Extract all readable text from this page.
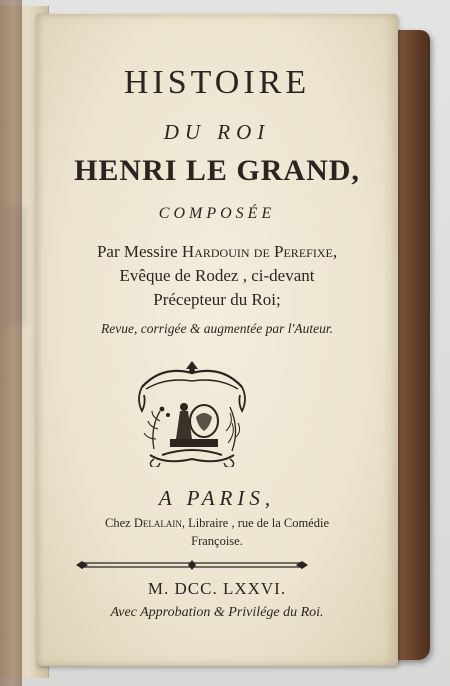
HISTOIRE
DU ROI
HENRI LE GRAND,
COMPOSÉE
Par Messire Hardouin de Perefixe,
Evêque de Rodez , ci-devant
Précepteur du Roi;
Revue, corrigée & augmentée par l'Auteur.
A PARIS,
Chez Delalain, Libraire , rue de la Comédie
Françoise.
M. DCC. LXXVI.
Avec Approbation & Privilége du Roi.
